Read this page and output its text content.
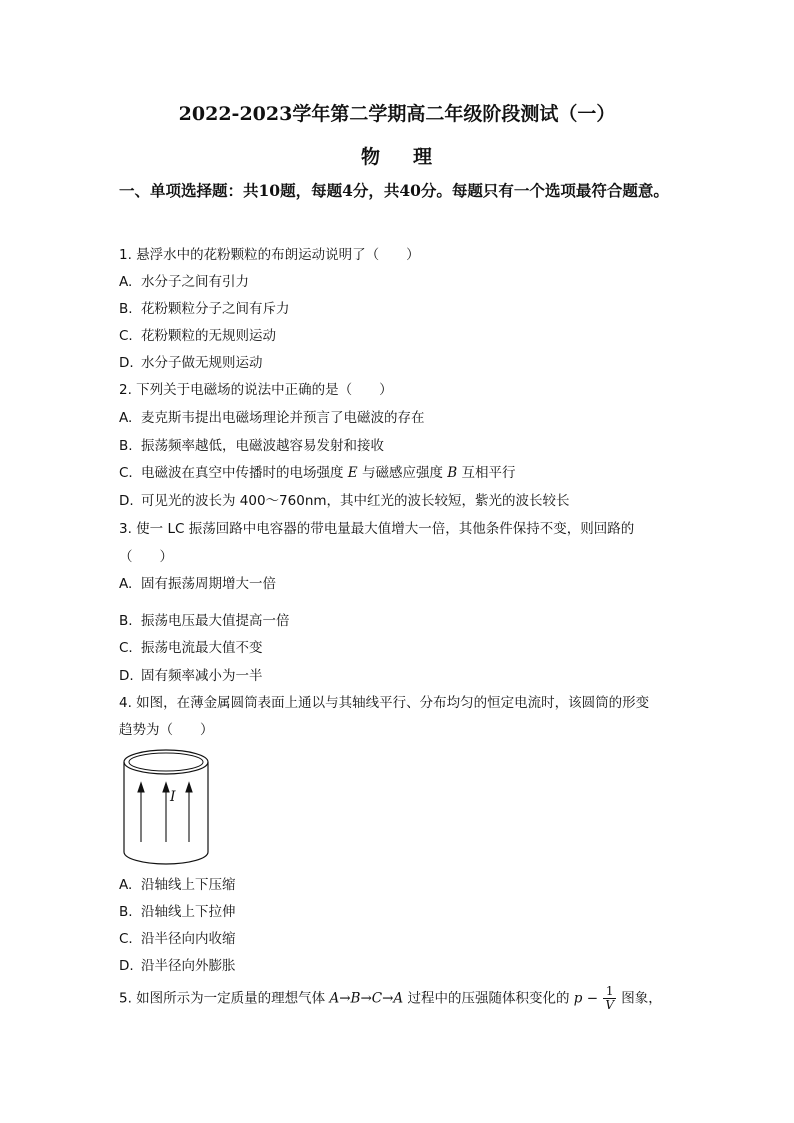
2022-2023学年第二学期高二年级阶段测试（一）
物 理
一、单项选择题：共10题，每题4分，共40分。每题只有一个选项最符合题意。
1. 悬浮水中的花粉颗粒的布朗运动说明了（　　）
A. 水分子之间有引力
B. 花粉颗粒分子之间有斥力
C. 花粉颗粒的无规则运动
D. 水分子做无规则运动
2. 下列关于电磁场的说法中正确的是（　　）
A. 麦克斯韦提出电磁场理论并预言了电磁波的存在
B. 振荡频率越低，电磁波越容易发射和接收
C. 电磁波在真空中传播时的电场强度 E 与磁感应强度 B 互相平行
D. 可见光的波长为 400～760nm，其中红光的波长较短，紫光的波长较长
3. 使一 LC 振荡回路中电容器的带电量最大值增大一倍，其他条件保持不变，则回路的
（　　）
A. 固有振荡周期增大一倍
B. 振荡电压最大值提高一倍
C. 振荡电流最大值不变
D. 固有频率减小为一半
4. 如图，在薄金属圆筒表面上通以与其轴线平行、分布均匀的恒定电流时，该圆筒的形变
趋势为（　　）
I
A. 沿轴线上下压缩
B. 沿轴线上下拉伸
C. 沿半径向内收缩
D. 沿半径向外膨胀
5. 如图所示为一定质量的理想气体 A→B→C→A 过程中的压强随体积变化的 $p - \frac{1}{V}$ 图象，
